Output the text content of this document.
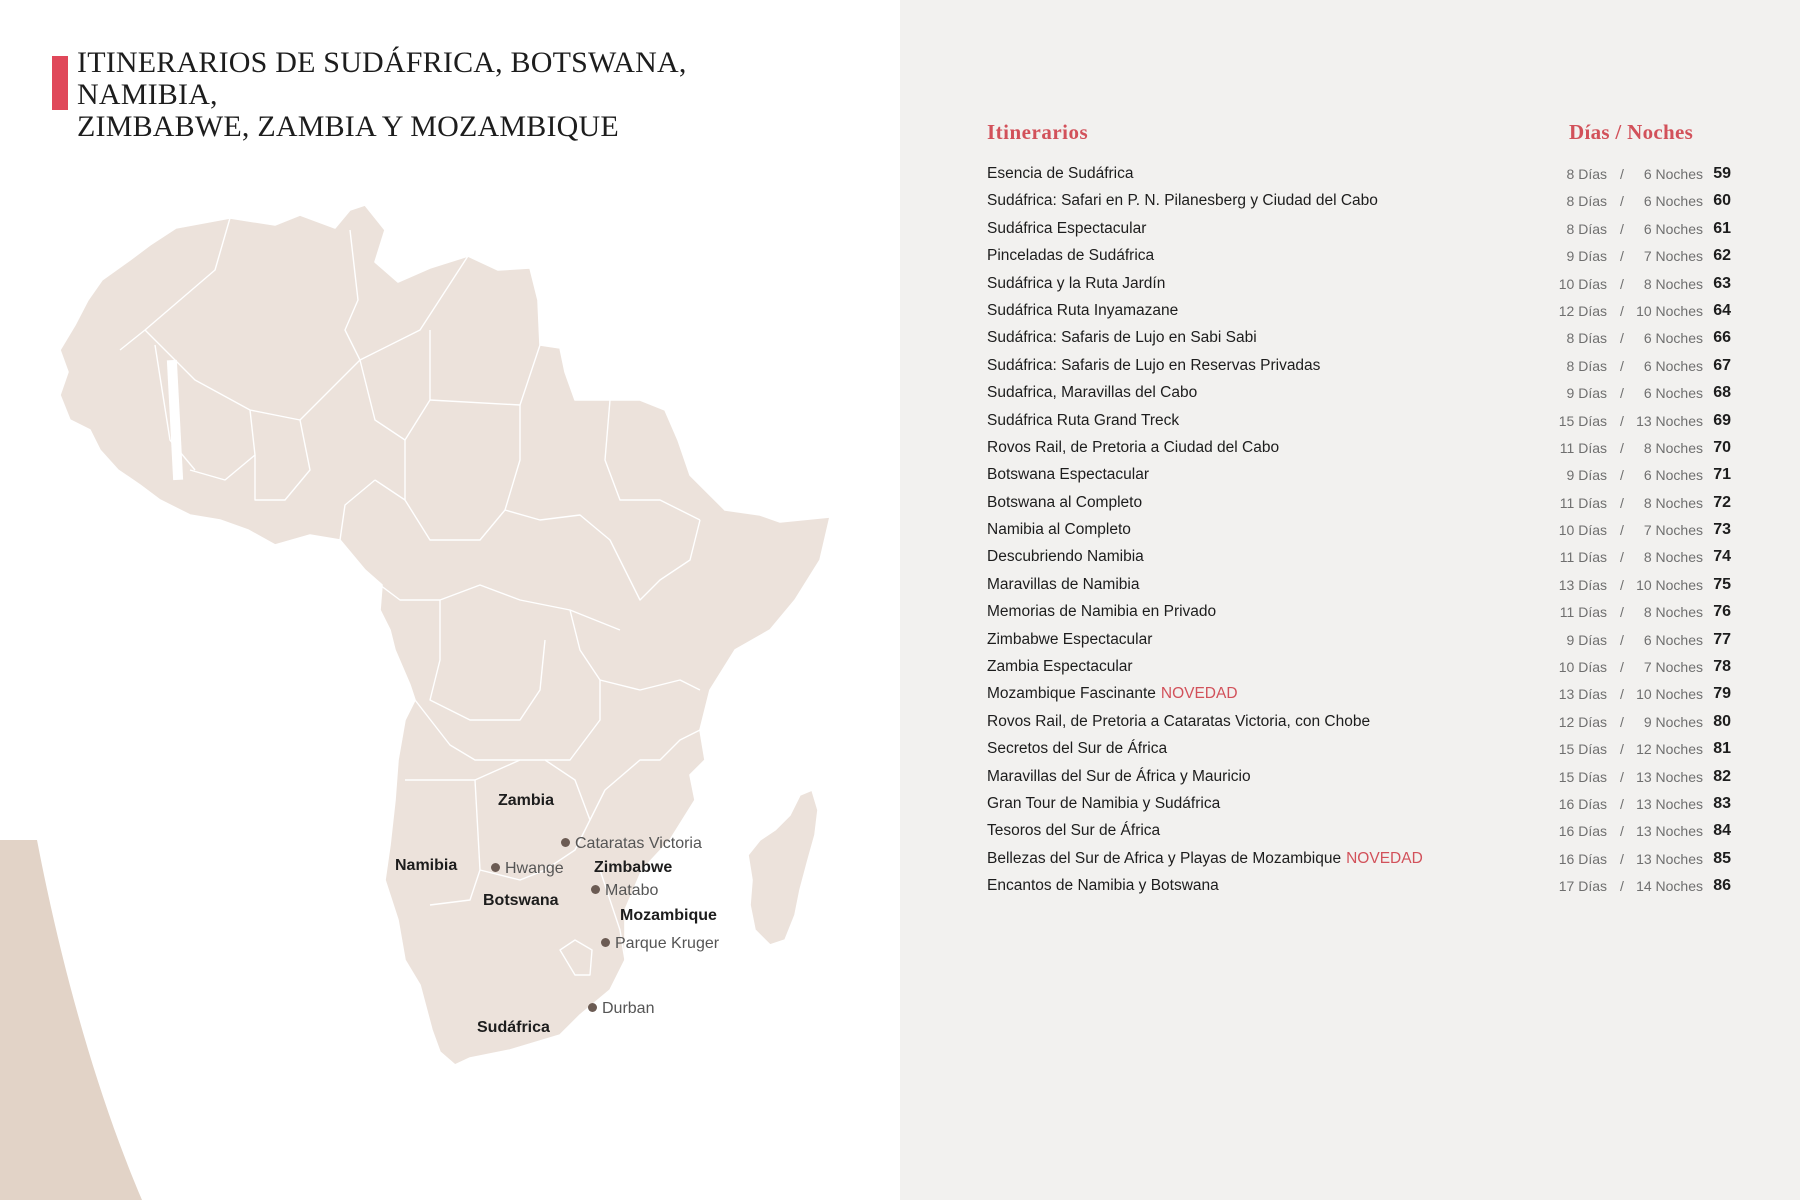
ITINERARIOS DE SUDÁFRICA, BOTSWANA, NAMIBIA,
ZIMBABWE, ZAMBIA Y MOZAMBIQUE
Zambia
Namibia	Zimbabwe
Botswana
Mozambique
Sudáfrica
Cataratas Victoria
Hwange
Matabo
Parque Kruger
Durban
Itinerarios	Días / Noches
Esencia de Sudáfrica	8 Días / 6 Noches 59
Sudáfrica: Safari en P. N. Pilanesberg y Ciudad del Cabo	8 Días / 6 Noches 60
Sudáfrica Espectacular	8 Días / 6 Noches 61
Pinceladas de Sudáfrica	9 Días / 7 Noches 62
Sudáfrica y la Ruta Jardín	10 Días / 8 Noches 63
Sudáfrica Ruta Inyamazane	12 Días / 10 Noches 64
Sudáfrica: Safaris de Lujo en Sabi Sabi	8 Días / 6 Noches 66
Sudáfrica: Safaris de Lujo en Reservas Privadas	8 Días / 6 Noches 67
Sudafrica, Maravillas del Cabo	9 Días / 6 Noches 68
Sudáfrica Ruta Grand Treck	15 Días / 13 Noches 69
Rovos Rail, de Pretoria a Ciudad del Cabo	11 Días / 8 Noches 70
Botswana Espectacular	9 Días / 6 Noches 71
Botswana al Completo	11 Días / 8 Noches 72
Namibia al Completo	10 Días / 7 Noches 73
Descubriendo Namibia	11 Días / 8 Noches 74
Maravillas de Namibia	13 Días / 10 Noches 75
Memorias de Namibia en Privado	11 Días / 8 Noches 76
Zimbabwe Espectacular	9 Días / 6 Noches 77
Zambia Espectacular	10 Días / 7 Noches 78
Mozambique Fascinante NOVEDAD	13 Días / 10 Noches 79
Rovos Rail, de Pretoria a Cataratas Victoria, con Chobe	12 Días / 9 Noches 80
Secretos del Sur de África	15 Días / 12 Noches 81
Maravillas del Sur de África y Mauricio	15 Días / 13 Noches 82
Gran Tour de Namibia y Sudáfrica	16 Días / 13 Noches 83
Tesoros del Sur de África	16 Días / 13 Noches 84
Bellezas del Sur de Africa y Playas de Mozambique NOVEDAD	16 Días / 13 Noches 85
Encantos de Namibia y Botswana	17 Días / 14 Noches 86
